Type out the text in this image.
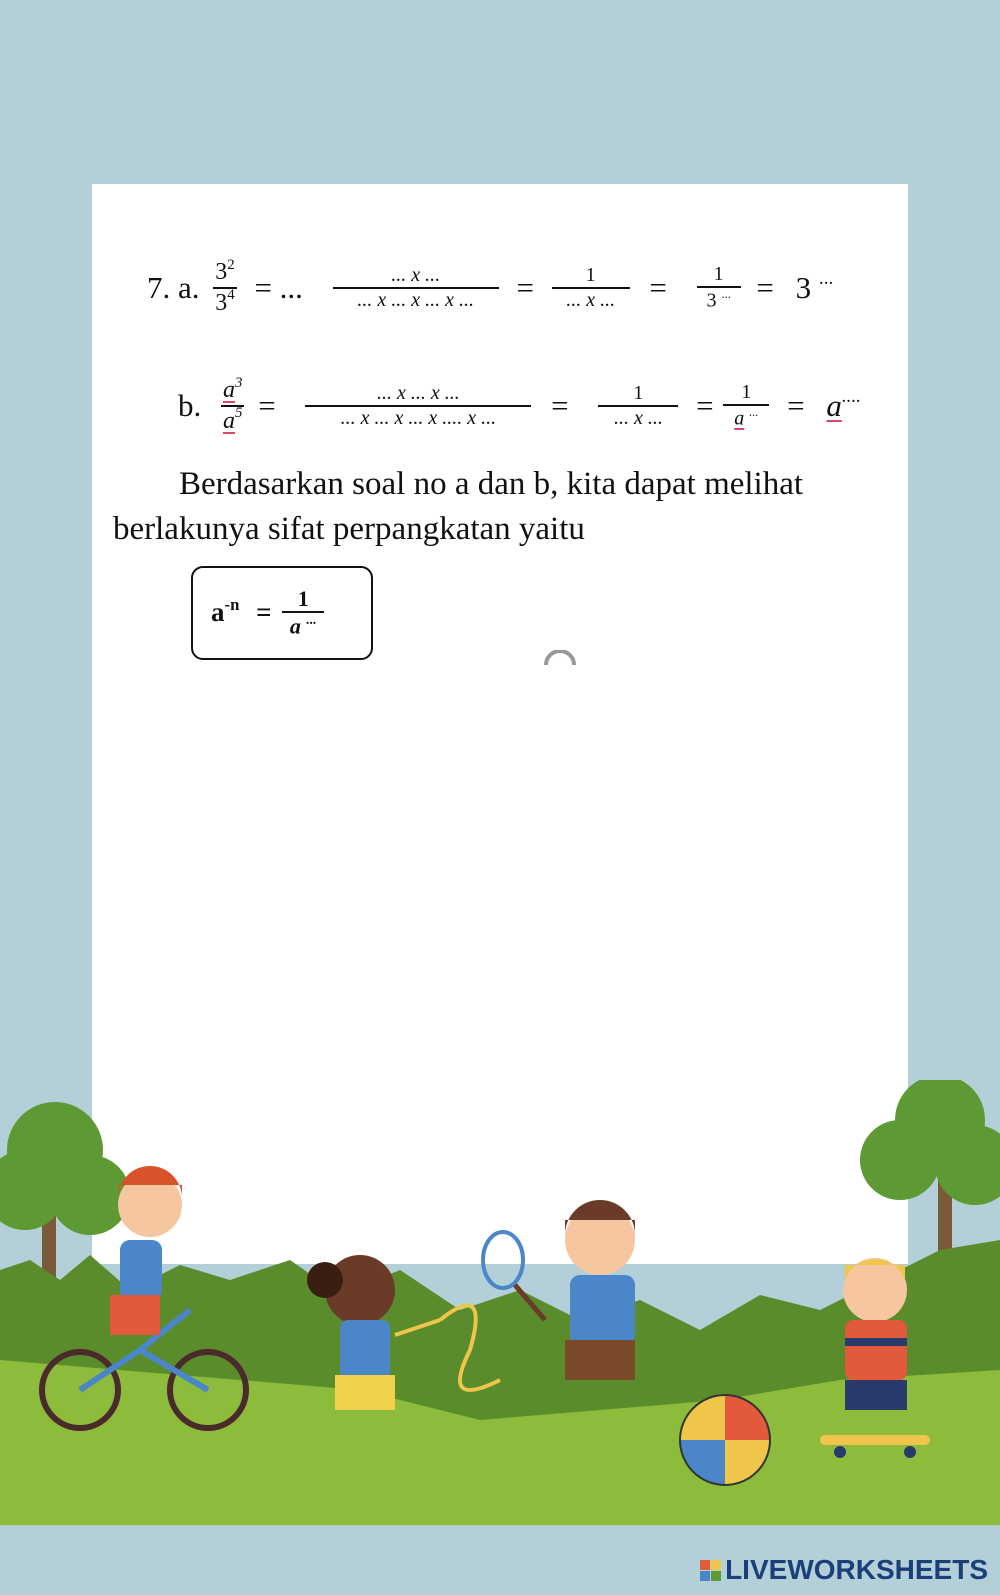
7. a. $\frac{3^2}{3^4}$ = ... $\frac{... x ...}{... x ... x ... x ...} = \frac{1}{... x ...} = \frac{1}{3 ^{...}} = 3$ ...
b. $\frac{a^3}{a^5} = \frac{... x ... x ...}{... x ... x ... x .... x ...} = \frac{1}{... x ...} = \frac{1}{a ^{...}} = a^{....}$
Berdasarkan soal no a dan b, kita dapat melihat
berlakunya sifat perpangkatan yaitu
$a^{-n} = \frac{1}{a ^{...}}$
LIVEWORKSHEETS
